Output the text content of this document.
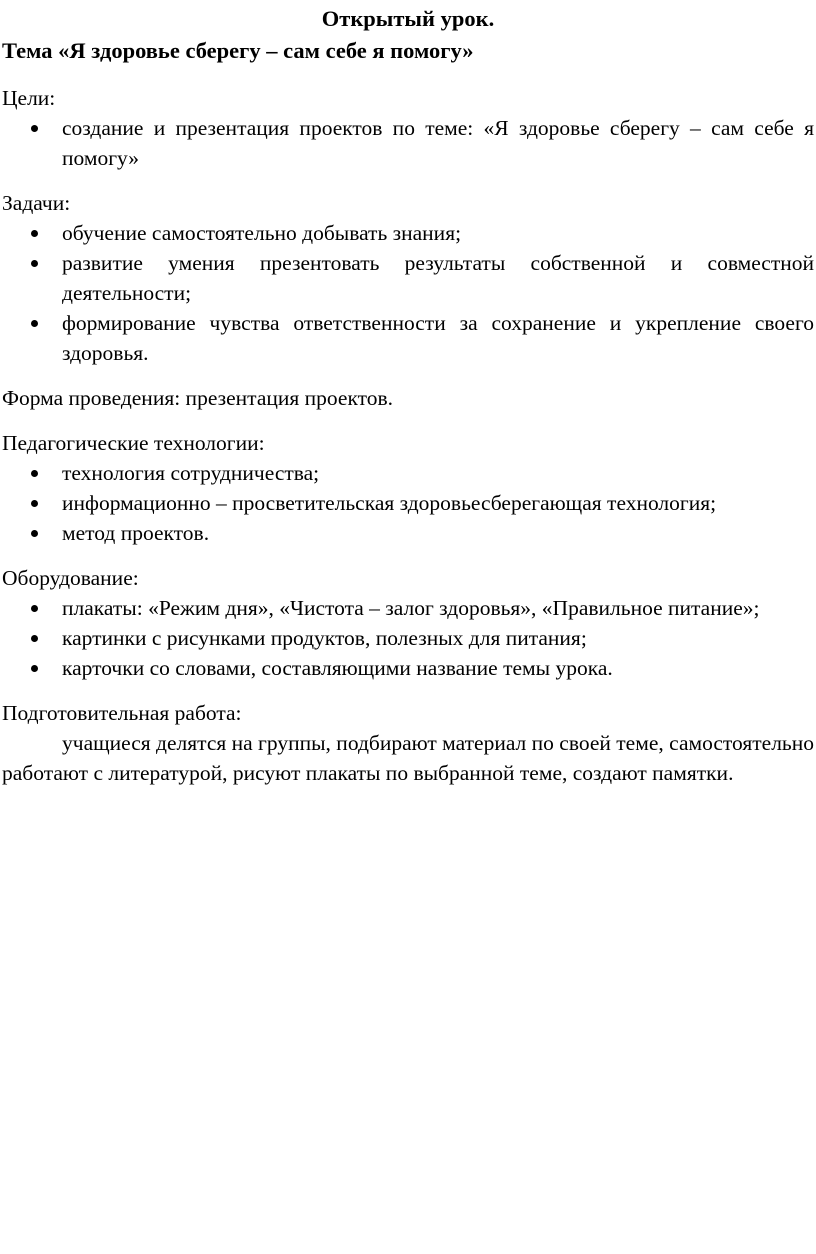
Открытый урок.

Тема «Я здоровье сберегу – сам себе я помогу»

Цели:

создание и презентация проектов по теме: «Я здоровье сберегу – сам себе я помогу»

Задачи:

обучение самостоятельно добывать знания;
развитие умения презентовать результаты собственной и совместной деятельности;
формирование чувства ответственности за сохранение и укрепление своего здоровья.

Форма проведения: презентация проектов.

Педагогические технологии:

технология сотрудничества;
информационно – просветительская здоровьесберегающая технология;
метод проектов.

Оборудование:

плакаты: «Режим дня», «Чистота – залог здоровья», «Правильное питание»;
картинки с рисунками продуктов, полезных для питания;
карточки со словами, составляющими название темы урока.

Подготовительная работа:

учащиеся делятся на группы, подбирают материал по своей теме, самостоятельно работают с литературой, рисуют плакаты по выбранной теме, создают памятки.
